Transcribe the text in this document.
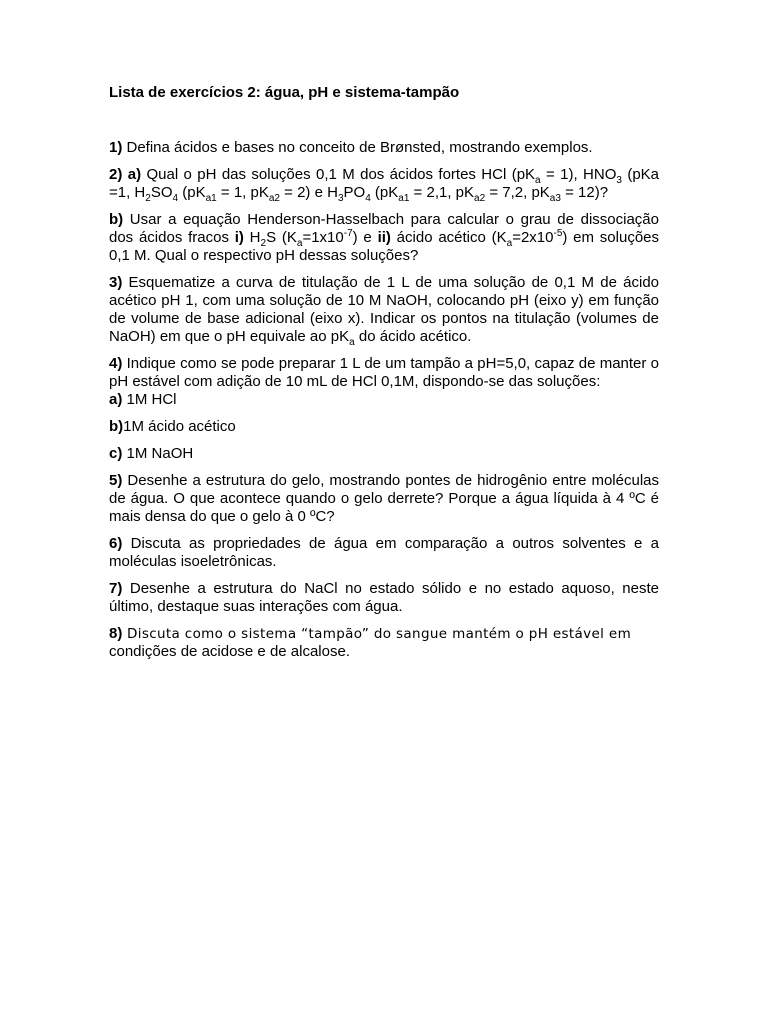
Lista de exercícios 2: água, pH e sistema-tampão

1) Defina ácidos e bases no conceito de Brønsted, mostrando exemplos.

2) a) Qual o pH das soluções 0,1 M dos ácidos fortes HCl $(pK_a = 1)$, $HNO_3$ (pKa =1, $H_2SO_4$ ($pK_{a1} = 1$, $pK_{a2} = 2$) e $H_3PO_4$ ($pK_{a1} = 2,1$, $pK_{a2} = 7,2$, $pK_{a3} = 12$)?

b) Usar a equação Henderson-Hasselbach para calcular o grau de dissociação dos ácidos fracos i) $H_2S$ $(K_a=1x10^{-7})$ e ii) ácido acético $(K_a=2x10^{-5})$ em soluções 0,1 M. Qual o respectivo pH dessas soluções?

3) Esquematize a curva de titulação de 1 L de uma solução de 0,1 M de ácido acético pH 1, com uma solução de 10 M NaOH, colocando pH (eixo y) em função de volume de base adicional (eixo x). Indicar os pontos na titulação (volumes de NaOH) em que o pH equivale ao $pK_a$ do ácido acético.

4) Indique como se pode preparar 1 L de um tampão a pH=5,0, capaz de manter o pH estável com adição de 10 mL de HCl 0,1M, dispondo-se das soluções:
a) 1M HCl

b)1M ácido acético

c) 1M NaOH

5) Desenhe a estrutura do gelo, mostrando pontes de hidrogênio entre moléculas de água. O que acontece quando o gelo derrete? Porque a água líquida à 4 ºC é mais densa do que o gelo à 0 ºC?

6) Discuta as propriedades de água em comparação a outros solventes e a moléculas isoeletrônicas.

7) Desenhe a estrutura do NaCl no estado sólido e no estado aquoso, neste último, destaque suas interações com água.

8) Discuta como o sistema “tampão” do sangue mantém o pH estável em
condições de acidose e de alcalose.
